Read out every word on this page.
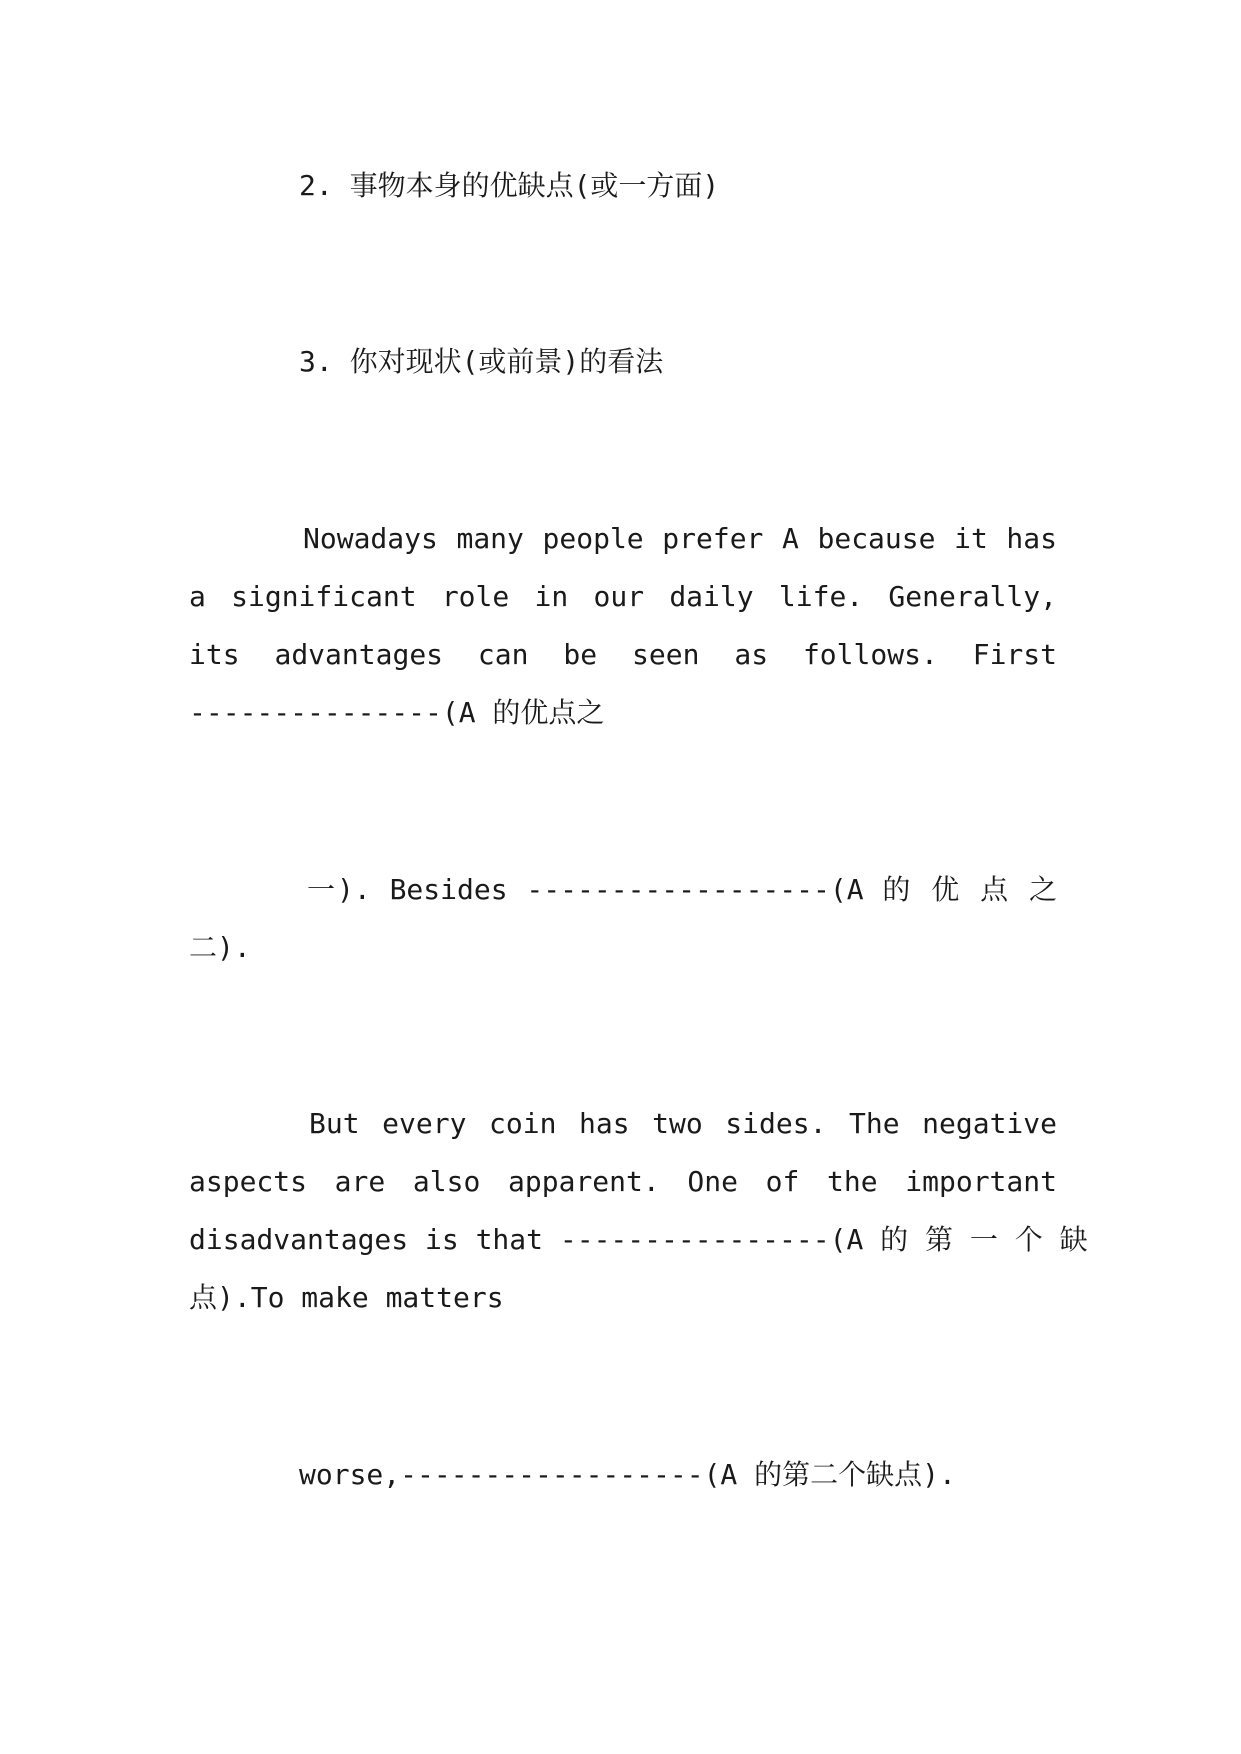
2. 事物本身的优缺点(或一方面)
3. 你对现状(或前景)的看法
Nowadays many people prefer A because it has
a significant role in our daily life. Generally,
its advantages can be seen as follows. First
---------------(A 的优点之
一). Besides ------------------(A 的 优 点 之
二).
But every coin has two sides. The negative
aspects are also apparent. One of the important
disadvantages is that ----------------(A 的 第 一 个 缺
点).To make matters
worse,------------------(A 的第二个缺点).
